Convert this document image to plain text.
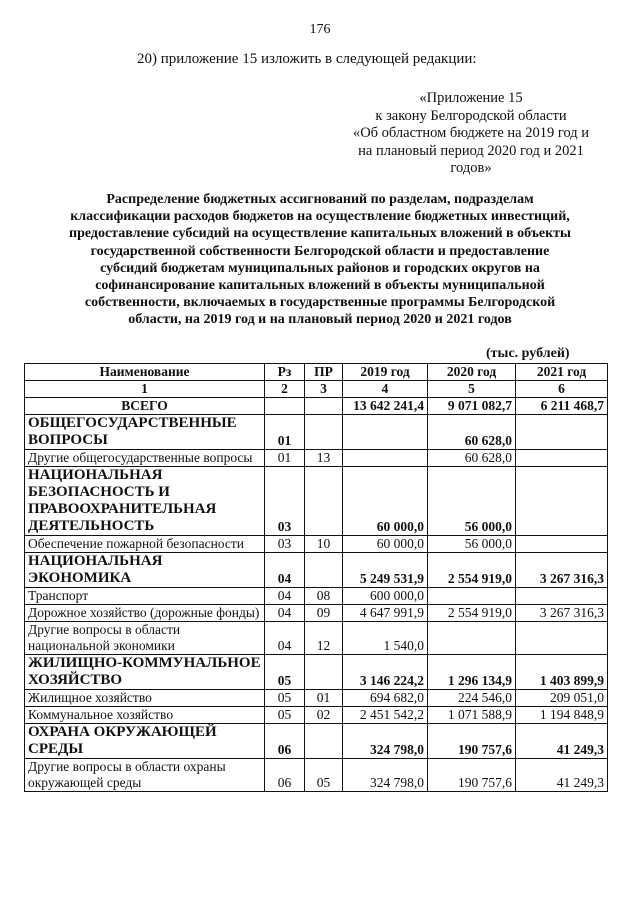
176
20) приложение 15 изложить в следующей редакции:
«Приложение 15
к закону Белгородской области
«Об областном бюджете на 2019 год и
на плановый период 2020 год и 2021
годов»
Распределение бюджетных ассигнований по разделам, подразделам
классификации расходов бюджетов на осуществление бюджетных инвестиций,
предоставление субсидий на осуществление капитальных вложений в объекты
государственной собственности Белгородской области и предоставление
субсидий бюджетам муниципальных районов и городских округов на
софинансирование капитальных вложений в объекты муниципальной
собственности, включаемых в государственные программы Белгородской
области, на 2019 год и на плановый период 2020 и 2021 годов
(тыс. рублей)
Наименование	Рз	ПР	2019 год	2020 год	2021 год
1	2	3	4	5	6
ВСЕГО			13 642 241,4	9 071 082,7	6 211 468,7
ОБЩЕГОСУДАРСТВЕННЫЕ ВОПРОСЫ	01			60 628,0	
Другие общегосударственные вопросы	01	13		60 628,0	
НАЦИОНАЛЬНАЯ БЕЗОПАСНОСТЬ И ПРАВООХРАНИТЕЛЬНАЯ ДЕЯТЕЛЬНОСТЬ	03		60 000,0	56 000,0	
Обеспечение пожарной безопасности	03	10	60 000,0	56 000,0	
НАЦИОНАЛЬНАЯ ЭКОНОМИКА	04		5 249 531,9	2 554 919,0	3 267 316,3
Транспорт	04	08	600 000,0		
Дорожное хозяйство (дорожные фонды)	04	09	4 647 991,9	2 554 919,0	3 267 316,3
Другие вопросы в области национальной экономики	04	12	1 540,0		
ЖИЛИЩНО-КОММУНАЛЬНОЕ ХОЗЯЙСТВО	05		3 146 224,2	1 296 134,9	1 403 899,9
Жилищное хозяйство	05	01	694 682,0	224 546,0	209 051,0
Коммунальное хозяйство	05	02	2 451 542,2	1 071 588,9	1 194 848,9
ОХРАНА ОКРУЖАЮЩЕЙ СРЕДЫ	06		324 798,0	190 757,6	41 249,3
Другие вопросы в области охраны окружающей среды	06	05	324 798,0	190 757,6	41 249,3
